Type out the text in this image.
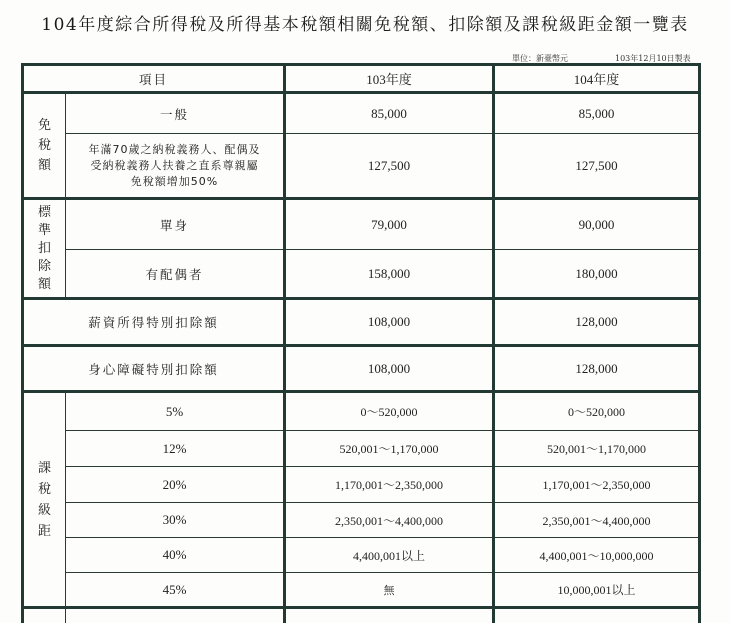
104年度綜合所得稅及所得基本稅額相關免稅額、扣除額及課稅級距金額一覽表
單位：新臺幣元	103年12月10日製表
項目	103年度	104年度
免
稅
額
一般	85,000	85,000
年滿70歲之納稅義務人、配偶及
受納稅義務人扶養之直系尊親屬
免稅額增加50%
127,500	127,500
標
準
扣
除
額
單身	79,000	90,000
有配偶者	158,000	180,000
薪資所得特別扣除額	108,000	128,000
身心障礙特別扣除額	108,000	128,000
課
稅
級
距
5%	0～520,000	0～520,000
12%	520,001～1,170,000	520,001～1,170,000
20%	1,170,001～2,350,000	1,170,001～2,350,000
30%	2,350,001～4,400,000	2,350,001～4,400,000
40%	4,400,001以上	4,400,001～10,000,000
45%	無	10,000,001以上
